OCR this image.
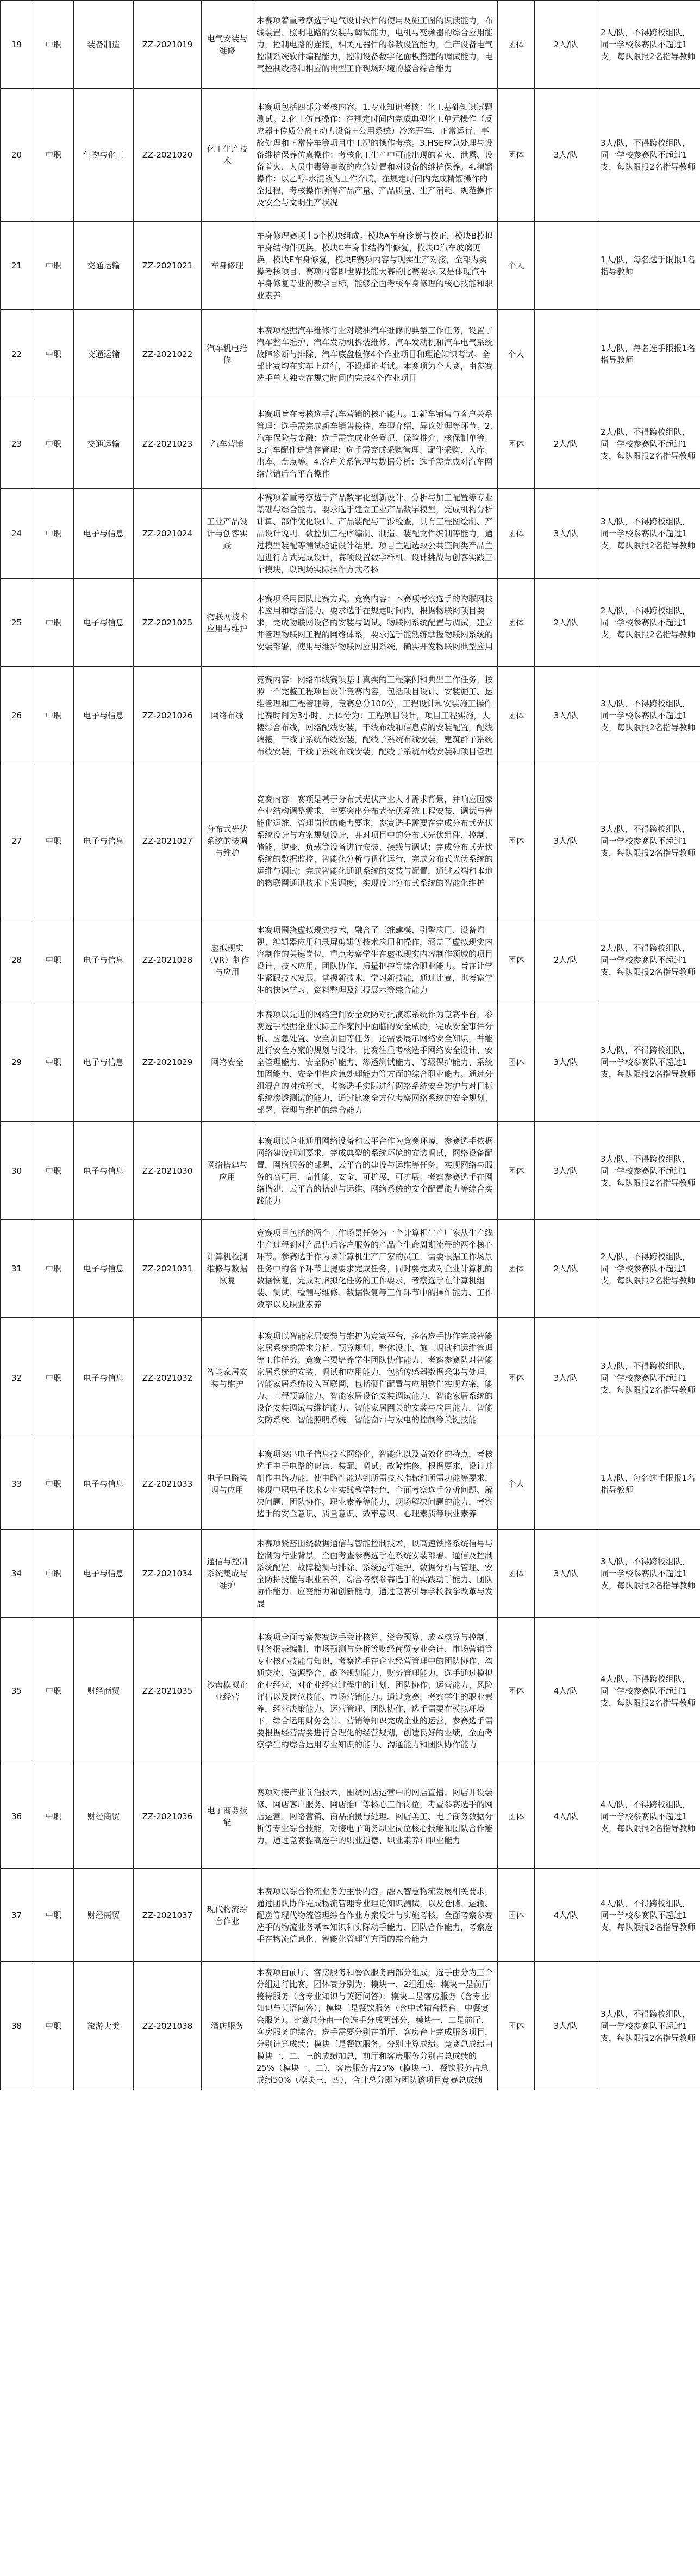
19	中职	装备制造	ZZ-2021019	电气安装与维修	本赛项着重考察选手电气设计软件的使用及施工图的识读能力，布线装置、照明电路的安装与调试能力，电机与变频器的综合应用能力，控制电路的连接，相关元器件的参数设置能力，生产设备电气控制系统软件编程能力，控制设备数字化面板搭建的调试能力，电气控制线路和相应的典型工作现场环境的整合综合能力	团体	2人/队	2人/队，不得跨校组队，同一学校参赛队不超过1支，每队限报2名指导教师
20	中职	生物与化工	ZZ-2021020	化工生产技术	本赛项包括四部分考核内容。1.专业知识考核：化工基础知识试题测试。2.化工仿真操作：在规定时间内完成典型化工单元操作（反应器+传质分离+动力设备+公用系统）冷态开车、正常运行、事故处理和正常停车等项目中工况的操作考核。3.HSE应急处理与设备维护保养仿真操作：考核化工生产中可能出现的着火、泄露、设备着火、人员中毒等事故的应急处置和对设备的维护保养。4.精馏操作：以乙醇-水混液为工作介质，在规定时间内完成精馏操作的全过程，考核操作所得产品产量、产品质量、生产消耗、规范操作及安全与文明生产状况	团体	3人/队	3人/队，不得跨校组队，同一学校参赛队不超过1支，每队限报2名指导教师
21	中职	交通运输	ZZ-2021021	车身修理	车身修理赛项由5个模块组成。模块A车身诊断与校正，模块B模拟车身结构件更换，模块C车身非结构件修复，模块D汽车玻璃更换，模块E车身修复，模块E赛项内容与现实生产对接，全部为实操考核项目。赛项内容即世界技能大赛的比赛要求,又是体现汽车车身修复专业的教学目标，能够全面考核车身修理的核心技能和职业素养	个人		1人/队，每名选手限报1名指导教师
22	中职	交通运输	ZZ-2021022	汽车机电维修	本赛项根据汽车维修行业对燃油汽车维修的典型工作任务，设置了汽车整车维护、汽车发动机拆装维修、汽车发动机和汽车电气系统故障诊断与排除、汽车底盘检修4个作业项目和理论知识考试。全部比赛均在实车上进行，不设理论考试。本赛项为个人赛，由参赛选手单人独立在规定时间内完成4个作业项目	个人		1人/队，每名选手限报1名指导教师
23	中职	交通运输	ZZ-2021023	汽车营销	本赛项旨在考核选手汽车营销的核心能力。1.新车销售与客户关系管理：选手需完成新车销售接待、车型介绍、异议处理等环节。2.汽车保险与金融：选手需完成业务登记、保险推介、核保制单等。3.汽车配件进销存管理：选手需完成采购管理、配件采购、入库、出库、盘点等。4.客户关系管理与数据分析：选手需完成对汽车网络营销后台平台操作	团体	2人/队	2人/队，不得跨校组队，同一学校参赛队不超过1支，每队限报2名指导教师
24	中职	电子与信息	ZZ-2021024	工业产品设计与创客实践	本赛项着重考察选手产品数字化创新设计、分析与加工配置等专业基础与综合能力。要求选手建立工业产品数字模型，完成机构分析计算、部件优化设计、产品装配与干涉检查，具有工程图绘制、产品设计说明、数控加工程序编制、制造、装配文件编制等能力，通过模型装配等测试验证设计结果。项目主题选取公共空间类产品主题进行方式完成设计，赛项设置数字样机、设计挑战与创客实践三个模块，以现场实际操作方式考核	团体	3人/队	3人/队，不得跨校组队，同一学校参赛队不超过1支，每队限报2名指导教师
25	中职	电子与信息	ZZ-2021025	物联网技术应用与维护	本赛项采用团队比赛方式。竞赛内容：本赛项考察选手的物联网技术应用和综合能力。要求选手在规定时间内，根据物联网项目要求，完成物联网设备的安装与调试、物联网系统配置与调试，建立并管理物联网工程的网络体系，要求选手能熟练掌握物联网系统的安装部署，使用与维护物联网应用系统，确实开发物联网典型应用	团体	2人/队	2人/队，不得跨校组队，同一学校参赛队不超过1支，每队限报2名指导教师
26	中职	电子与信息	ZZ-2021026	网络布线	竞赛内容：网络布线赛项基于真实的工程案例和典型工作任务，按照一个完整工程项目设计竞赛内容，包括项目设计、安装施工、运维管理和工程管理等，竞赛总分100分，工程设计和安装施工操作比赛时间为3小时，具体分为：工程项目设计，项目工程实施，大楼综合布线，网络配线安装，干线布线和信息点的安装配置，配线端接，干线子系统布线安装，配线子系统布线安装，建筑群子系统布线安装，干线子系统布线安装，配线子系统布线安装和项目管理	团体	3人/队	3人/队，不得跨校组队，同一学校参赛队不超过1支，每队限报2名指导教师
27	中职	电子与信息	ZZ-2021027	分布式光伏系统的装调与维护	竞赛内容：赛项是基于分布式光伏产业人才需求背景，并响应国家产业结构调整需求，主要突出分布式光伏系统工程安装、调试与智能化运维、管理岗位的能力要求，参赛选手需要在完成分布式光伏系统设计与方案规划设计，并对项目中的分布式光伏组件、控制、储能、逆变、负载等设备进行安装、接线与调试；完成分布式光伏系统的数据监控、智能化分析与优化运行，完成分布式光伏系统的运维与调试；完成智能化通讯系统的安装与配置，通过云端和本地的物联网通讯技术下发调度，实现设计分布式系统的智能化维护	团体	3人/队	3人/队，不得跨校组队，同一学校参赛队不超过1支，每队限报2名指导教师
28	中职	电子与信息	ZZ-2021028	虚拟现实（VR）制作与应用	本赛项围绕虚拟现实技术，融合了三维建模、引擎应用、设备增视、编辑器应用和录屏剪辑等技术应用和操作，涵盖了虚拟现实内容制作的关键岗位，重点考察学生在虚拟现实内容制作领域的项目设计、技术应用、团队协作、质量把控等综合职业能力。旨在让学生紧跟技术发展，掌握新技术，学习新技能，通过比赛，也考察学生的快速学习、资料整理及汇报展示等综合能力	团体	2人/队	2人/队，不得跨校组队，同一学校参赛队不超过1支，每队限报2名指导教师
29	中职	电子与信息	ZZ-2021029	网络安全	本赛项以先进的网络空间安全攻防对抗演练系统作为竞赛平台，参赛选手根据企业实际工作案例中面临的安全威胁，完成安全事件分析、应急处置、安全加固等任务，还需要展示网络安全知识，并能进行安全方案的规划与设计。比赛注重考核选手网络安全设计、安全管理能力、安全防护能力、渗透测试能力、等级保护能力、系统加固能力、安全事件应急处理能力等方面的综合职业能力。通过分组混合的对抗形式，考察选手实际进行网络系统安全防护与对目标系统渗透测试的能力，通过比赛全方位考察网络系统的安全规划、部署、管理与维护的综合能力	团体	3人/队	3人/队，不得跨校组队，同一学校参赛队不超过1支，每队限报2名指导教师
30	中职	电子与信息	ZZ-2021030	网络搭建与应用	本赛项以企业通用网络设备和云平台作为竞赛环境，参赛选手依据网络建设规划要求，完成典型的系统环境的安装调试，网络设备配置，网络服务的部署，云平台的建设与运维等任务，实现网络与服务的高可用、高性能、安全、可扩展，可扩展。考察参赛选手在网络搭建、云平台的搭建与运维、网络系统的安全配置能力等综合实践能力	团体	3人/队	3人/队，不得跨校组队，同一学校参赛队不超过1支，每队限报2名指导教师
31	中职	电子与信息	ZZ-2021031	计算机检测维修与数据恢复	竞赛项目包括的两个工作场景任务为一个计算机生产厂家从生产线生产过程到对产品售后客户服务的产品全生命周期流程的两个核心环节。参赛选手作为该计算机生产厂家的员工，需要根据工作场景任务中的各个环节上提要求完成任务，同时要完成对企业计算机的数据恢复，完成对虚拟化任务的工作要求，考察选手在计算机组装、测试、检测与维修、数据恢复等工作环节中的操作能力、工作效率以及职业素养	团体	2人/队	2人/队，不得跨校组队，同一学校参赛队不超过1支，每队限报2名指导教师
32	中职	电子与信息	ZZ-2021032	智能家居安装与维护	本赛项以智能家居安装与维护为竞赛平台，多名选手协作完成智能家居系统的需求分析、预算规划、整体设计、施工调试和运维管理等工作任务。竞赛主要培养学生团队协作能力、考察参赛队对智能家居系统的安装、调试和应用能力，包括传感器数据采集与处理，智能家居系统接入互联网，包括硬件配置与应用软件实现方案，能力、工程预算能力、智能家居设备安装调试能力，智能家居系统的设备安装调试与维护能力、智能家居网关的安装与应用能力，智能安防系统、智能照明系统、智能窗帘与家电的控制等关键技能	团体	3人/队	3人/队，不得跨校组队，同一学校参赛队不超过1支，每队限报2名指导教师
33	中职	电子与信息	ZZ-2021033	电子电路装调与应用	本赛项突出电子信息技术网络化、智能化以及高效化的特点，考核选手电子电路的识读、装配、调试、故障维修，根据要求，设计并制作电路功能，使电路性能达到所需技术指标和所需功能等要求，体现中职电子技术专业实践教学特色，全面考察选手分析问题、解决问题、团队协作、职业素养等能力，现场解决问题的能力，考察选手的安全意识、质量意识、效率意识、心理素质等职业素养	个人		1人/队，每名选手限报1名指导教师
34	中职	电子与信息	ZZ-2021034	通信与控制系统集成与维护	本赛项紧密围绕数据通信与智能控制技术，以高速铁路系统信号与控制为行业背景，全面考查参赛选手在系统安装部署、通信及控制系统配置、故障检测与排除、系统运行维护、数据分析与管理、安全防护技能与职业素养，综合考察参赛选手的实践动手能力、团队协作能力、应变能力和创新能力，通过竞赛引导学校教学改革与发展	团体	3人/队	3人/队，不得跨校组队，同一学校参赛队不超过1支，每队限报2名指导教师
35	中职	财经商贸	ZZ-2021035	沙盘模拟企业经营	本赛项全面考察参赛选手会计核算、资金预算、成本核算与控制、财务报表编制、市场预测与分析等财经商贸专业会计、市场营销等专业核心技能与知识，考察选手在企业经营管理中的团队协作、沟通交流、资源整合、战略规划能力、财务管理能力，选手通过模拟企业经营，对企业经营过程中的计划、团队协作、运营能力、风险评估以及岗位技能、市场营销能力。通过竞赛，考察学生的职业素养，经营决策能力、运营管理、团队协作，选手需要在模拟环境下，综合运用财务会计、营销等知识完成企业的运营，参赛选手需要根据经营需要进行合理化的经营规划，创造良好的业绩，全面考察学生的综合运用专业知识的能力、沟通能力和团队协作能力	团体	4人/队	4人/队，不得跨校组队，同一学校参赛队不超过1支，每队限报2名指导教师
36	中职	财经商贸	ZZ-2021036	电子商务技能	赛项对接产业前沿技术，围绕网店运营中的网店直播、网店开设装修、网店客户服务、网店推广等核心工作岗位，考查参赛选手的网店运营、网络营销、商品拍摄与处理、网店美工、电子商务数据分析等专业综合技能，对接电子商务职业岗位核心技能和团队合作能力，通过竞赛提高选手的职业道德、职业素养和职业能力	团体	4人/队	4人/队，不得跨校组队，同一学校参赛队不超过1支，每队限报2名指导教师
37	中职	财经商贸	ZZ-2021037	现代物流综合作业	本赛项以综合物流业务为主要内容，融入智慧物流发展相关要求，通过团队协作完成物流管理专业理论知识测试，以及仓储、运输、配送等现代物流管理综合作业方案设计与实施考核，全面考察参赛选手的物流业务基本知识和实际动手能力、团队合作能力，考察选手在物流信息化、智能化管理等方面的综合能力	团体	4人/队	4人/队，不得跨校组队，同一学校参赛队不超过1支，每队限报2名指导教师
38	中职	旅游大类	ZZ-2021038	酒店服务	本赛项由前厅、客房服务和餐饮服务两部分组成，选手由分为三个分组进行比赛。团体赛分别为：模块一、2组组成：模块一是前厅接待服务（含专业知识与英语问答）；模块二是客房服务（含专业知识与英语问答）；模块三是餐饮服务（含中式铺台摆台、中餐宴会服务）。比赛总分由一位选手分成两部分，模块一、二是前厅、客房服务的综合，选手需要分别在前厅、客房台上完成服务项目，分别计算成绩；模块三是餐饮服务，分别计算成绩。竞赛总成绩由模块一、二、三的成绩加总，前厅和客房服务分别占总成绩的25%（模块一、二），客房服务占25%（模块三），餐饮服务占总成绩50%（模块三、四），合计总分即为团队该项目竞赛总成绩	团体	3人/队	3人/队，不得跨校组队，同一学校参赛队不超过1支，每队限报2名指导教师
